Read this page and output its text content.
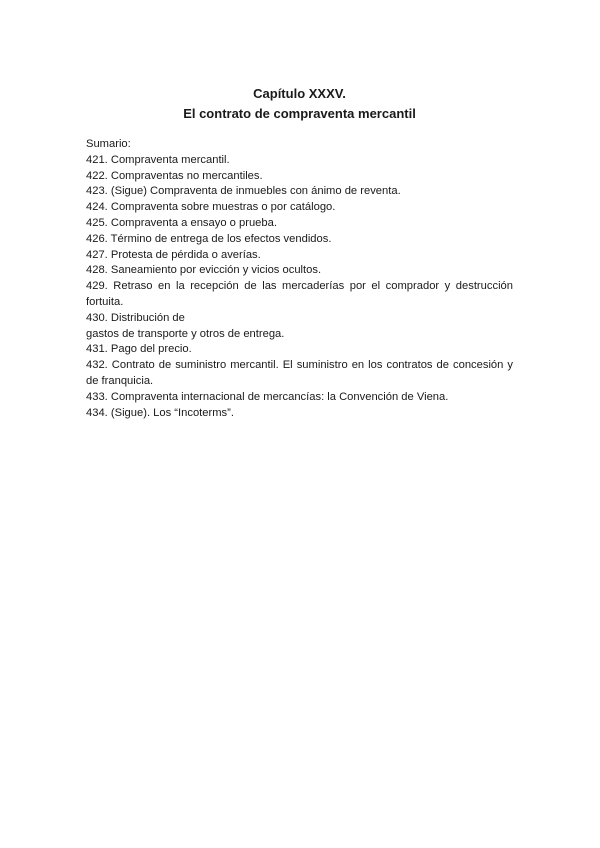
Capítulo XXXV.
El contrato de compraventa mercantil
Sumario:
421. Compraventa mercantil.
422. Compraventas no mercantiles.
423. (Sigue) Compraventa de inmuebles con ánimo de reventa.
424. Compraventa sobre muestras o por catálogo.
425. Compraventa a ensayo o prueba.
426. Término de entrega de los efectos vendidos.
427. Protesta de pérdida o averías.
428. Saneamiento por evicción y vicios ocultos.
429. Retraso en la recepción de las mercaderías por el comprador y destrucción fortuita.
430. Distribución de
gastos de transporte y otros de entrega.
431. Pago del precio.
432. Contrato de suministro mercantil. El suministro en los contratos de concesión y de franquicia.
433. Compraventa internacional de mercancías: la Convención de Viena.
434. (Sigue). Los “Incoterms”.
